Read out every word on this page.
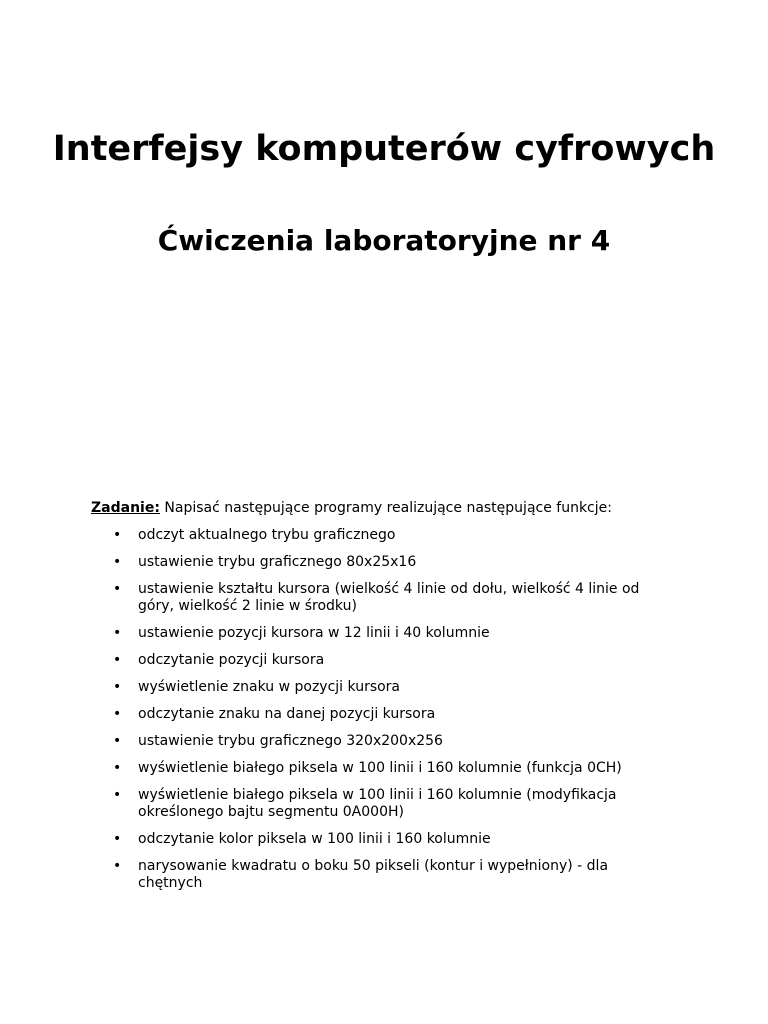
Interfejsy komputerów cyfrowych
Ćwiczenia laboratoryjne nr 4

Zadanie: Napisać następujące programy realizujące następujące funkcje:

• odczyt aktualnego trybu graficznego
• ustawienie trybu graficznego 80x25x16
• ustawienie kształtu kursora (wielkość 4 linie od dołu, wielkość 4 linie od góry, wielkość 2 linie w środku)
• ustawienie pozycji kursora w 12 linii i 40 kolumnie
• odczytanie pozycji kursora
• wyświetlenie znaku w pozycji kursora
• odczytanie znaku na danej pozycji kursora
• ustawienie trybu graficznego 320x200x256
• wyświetlenie białego piksela w 100 linii i 160 kolumnie (funkcja 0CH)
• wyświetlenie białego piksela w 100 linii i 160 kolumnie (modyfikacja określonego bajtu segmentu 0A000H)
• odczytanie kolor piksela w 100 linii i 160 kolumnie
• narysowanie kwadratu o boku 50 pikseli (kontur i wypełniony) - dla chętnych
